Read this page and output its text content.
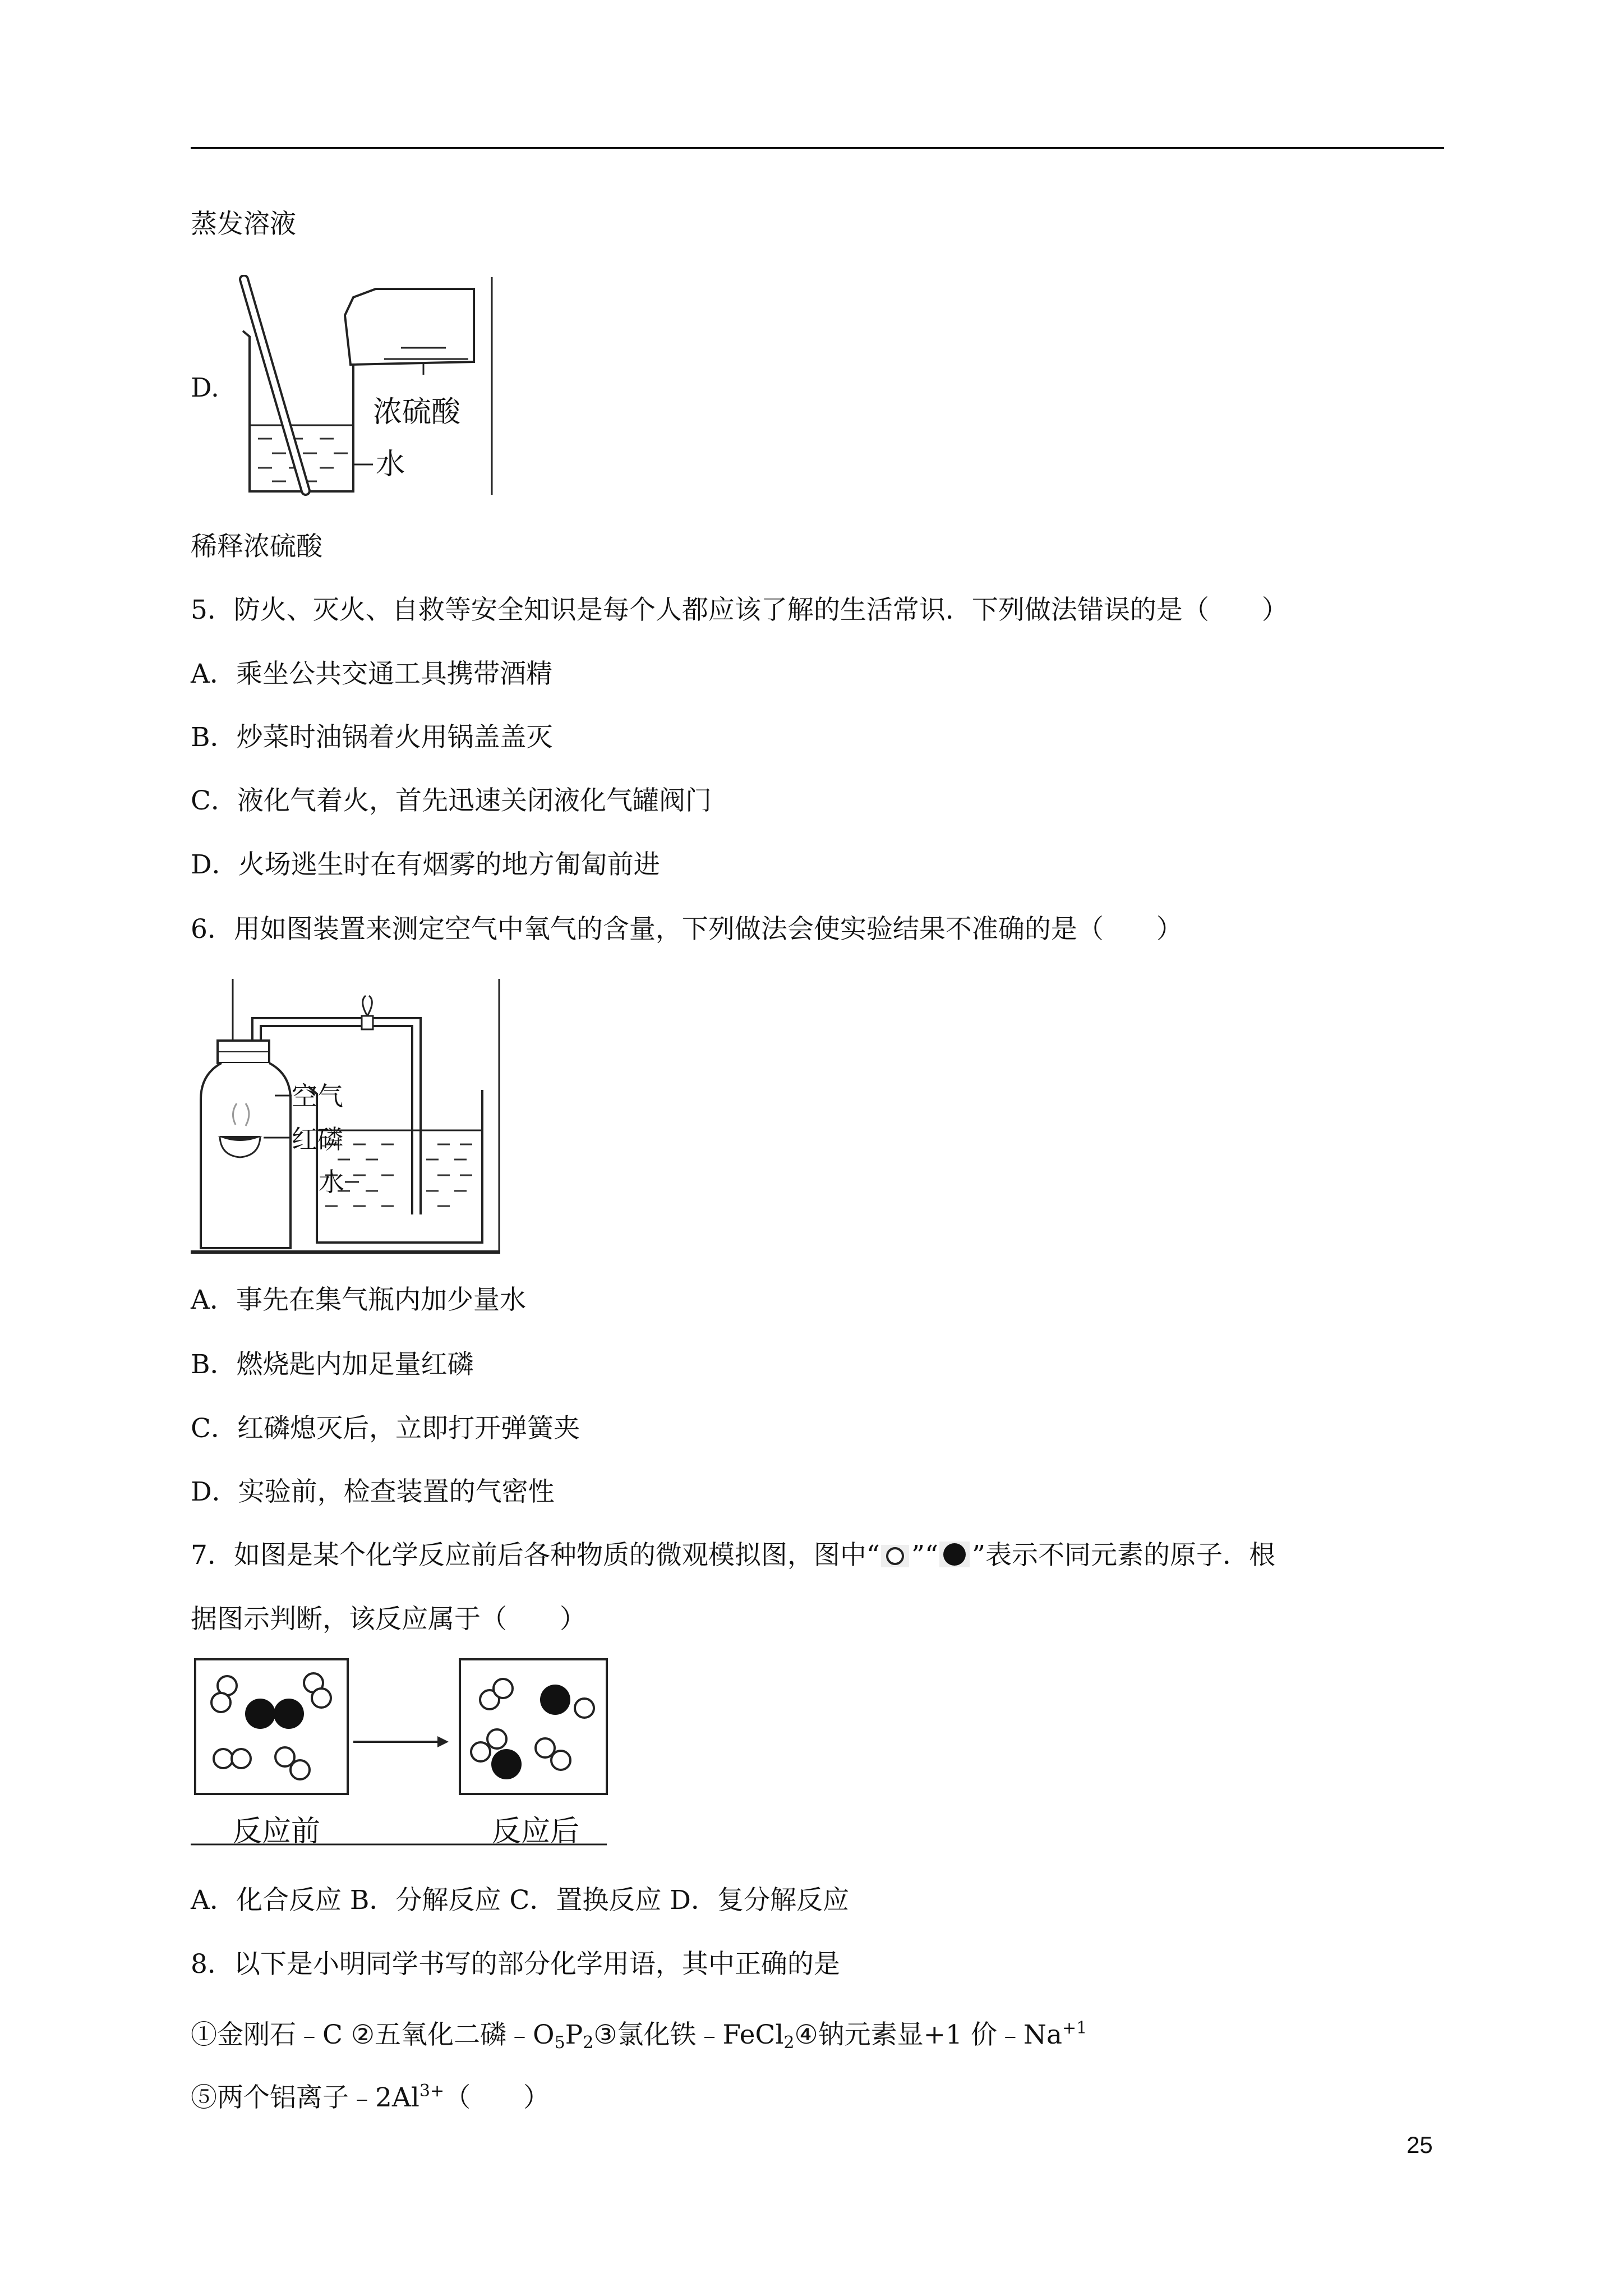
蒸发溶液
D.
浓硫酸
水
稀释浓硫酸
5．防火、灭火、自救等安全知识是每个人都应该了解的生活常识．下列做法错误的是（　　）
A．乘坐公共交通工具携带酒精
B．炒菜时油锅着火用锅盖盖灭
C．液化气着火，首先迅速关闭液化气罐阀门
D．火场逃生时在有烟雾的地方匍匐前进
6．用如图装置来测定空气中氧气的含量，下列做法会使实验结果不准确的是（　　）
空气
红磷
水
A．事先在集气瓶内加少量水
B．燃烧匙内加足量红磷
C．红磷熄灭后，立即打开弹簧夹
D．实验前，检查装置的气密性
7．如图是某个化学反应前后各种物质的微观模拟图，图中“ ”“ ”表示不同元素的原子．根
据图示判断，该反应属于（　　）
反应前	反应后
A．化合反应 B．分解反应 C．置换反应 D．复分解反应
8．以下是小明同学书写的部分化学用语，其中正确的是
①金刚石﹣C ②五氧化二磷﹣O5P2③氯化铁﹣FeCl2④钠元素显+1 价$﹣Na^{+1}$
⑤两个铝离子$﹣2Al^{3+}$（　　）
25
